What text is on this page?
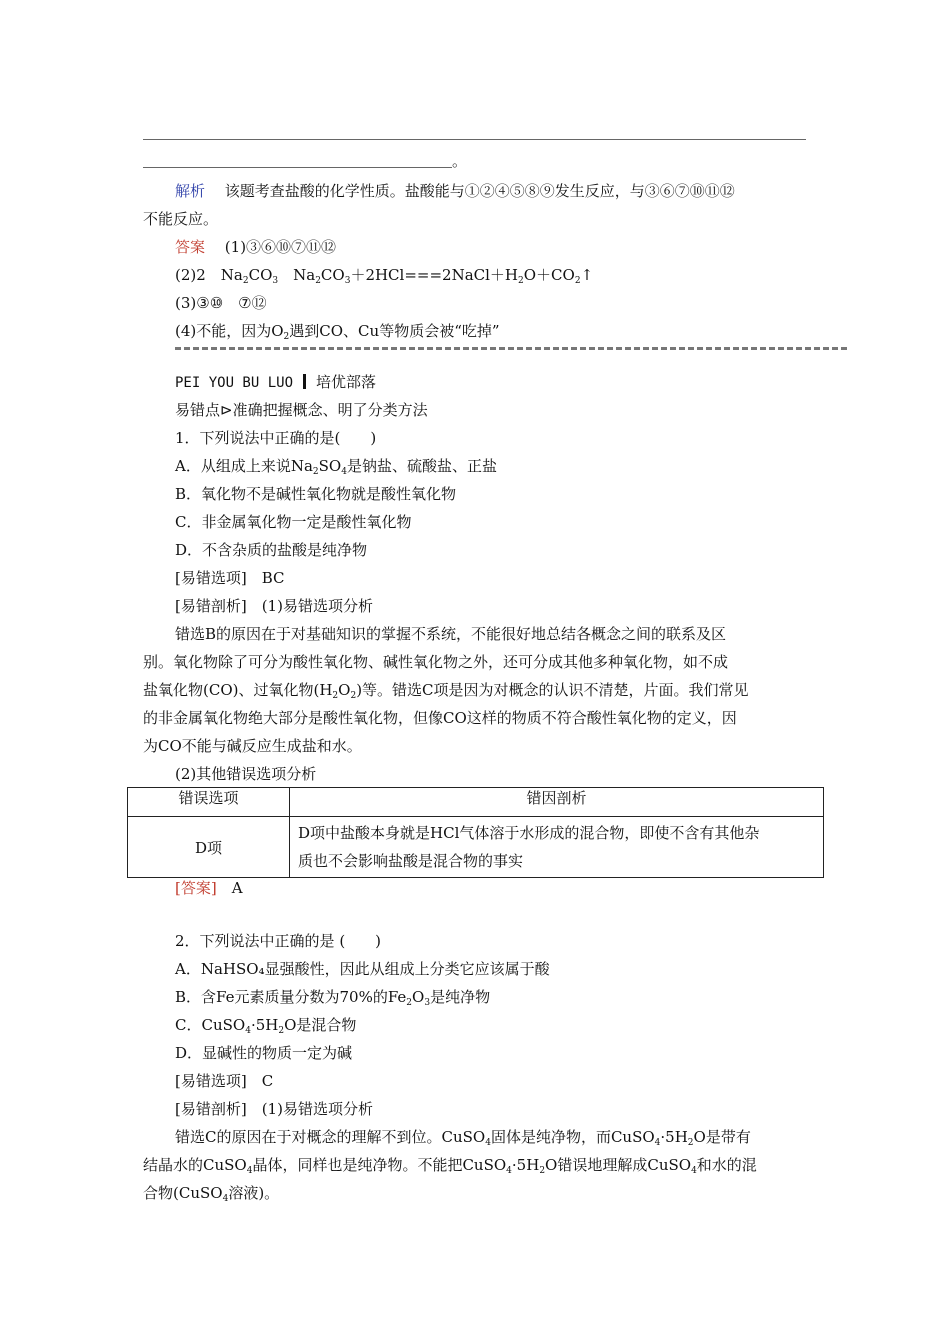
。
解析　 该题考查盐酸的化学性质。盐酸能与①②④⑤⑧⑨发生反应，与③⑥⑦⑩⑪⑫
不能反应。
答案　 (1)③⑥⑩⑦⑪⑫
(2)2　$Na_2CO_3$　$Na_2CO_3+2HCl===2NaCl+H_2O+CO_2↑$
(3)③⑩　⑦⑫
(4)不能，因为$O_2$遇到CO、Cu等物质会被“吃掉”
PEI YOU BU LUO 培优部落
易错点⊳准确把握概念、明了分类方法
1．下列说法中正确的是(　　)
A．从组成上来说$Na_2SO_4$是钠盐、硫酸盐、正盐
B．氧化物不是碱性氧化物就是酸性氧化物
C．非金属氧化物一定是酸性氧化物
D．不含杂质的盐酸是纯净物
[易错选项]　BC
[易错剖析]　(1)易错选项分析
错选B的原因在于对基础知识的掌握不系统，不能很好地总结各概念之间的联系及区
别。氧化物除了可分为酸性氧化物、碱性氧化物之外，还可分成其他多种氧化物，如不成
盐氧化物(CO)、过氧化物$(H_2O_2)$等。错选C项是因为对概念的认识不清楚，片面。我们常见
的非金属氧化物绝大部分是酸性氧化物，但像CO这样的物质不符合酸性氧化物的定义，因
为CO不能与碱反应生成盐和水。
(2)其他错误选项分析
错误选项	错因剖析
D项	D项中盐酸本身就是HCl气体溶于水形成的混合物，即使不含有其他杂
质也不会影响盐酸是混合物的事实
[答案]　 A
2．下列说法中正确的是 (　　)
A．NaHSO₄显强酸性，因此从组成上分类它应该属于酸
B．含Fe元素质量分数为70%的$Fe_2O_3$是纯净物
C．$CuSO_4\cdot 5H_2O$是混合物
D．显碱性的物质一定为碱
[易错选项]　C
[易错剖析]　(1)易错选项分析
错选C的原因在于对概念的理解不到位。CuSO$_4$固体是纯净物，而$CuSO_4\cdot 5H_2O$是带有
结晶水的CuSO$_4$晶体，同样也是纯净物。不能把$CuSO_4\cdot 5H_2O$错误地理解成CuSO$_4$和水的混
合物(CuSO$_4$溶液)。
